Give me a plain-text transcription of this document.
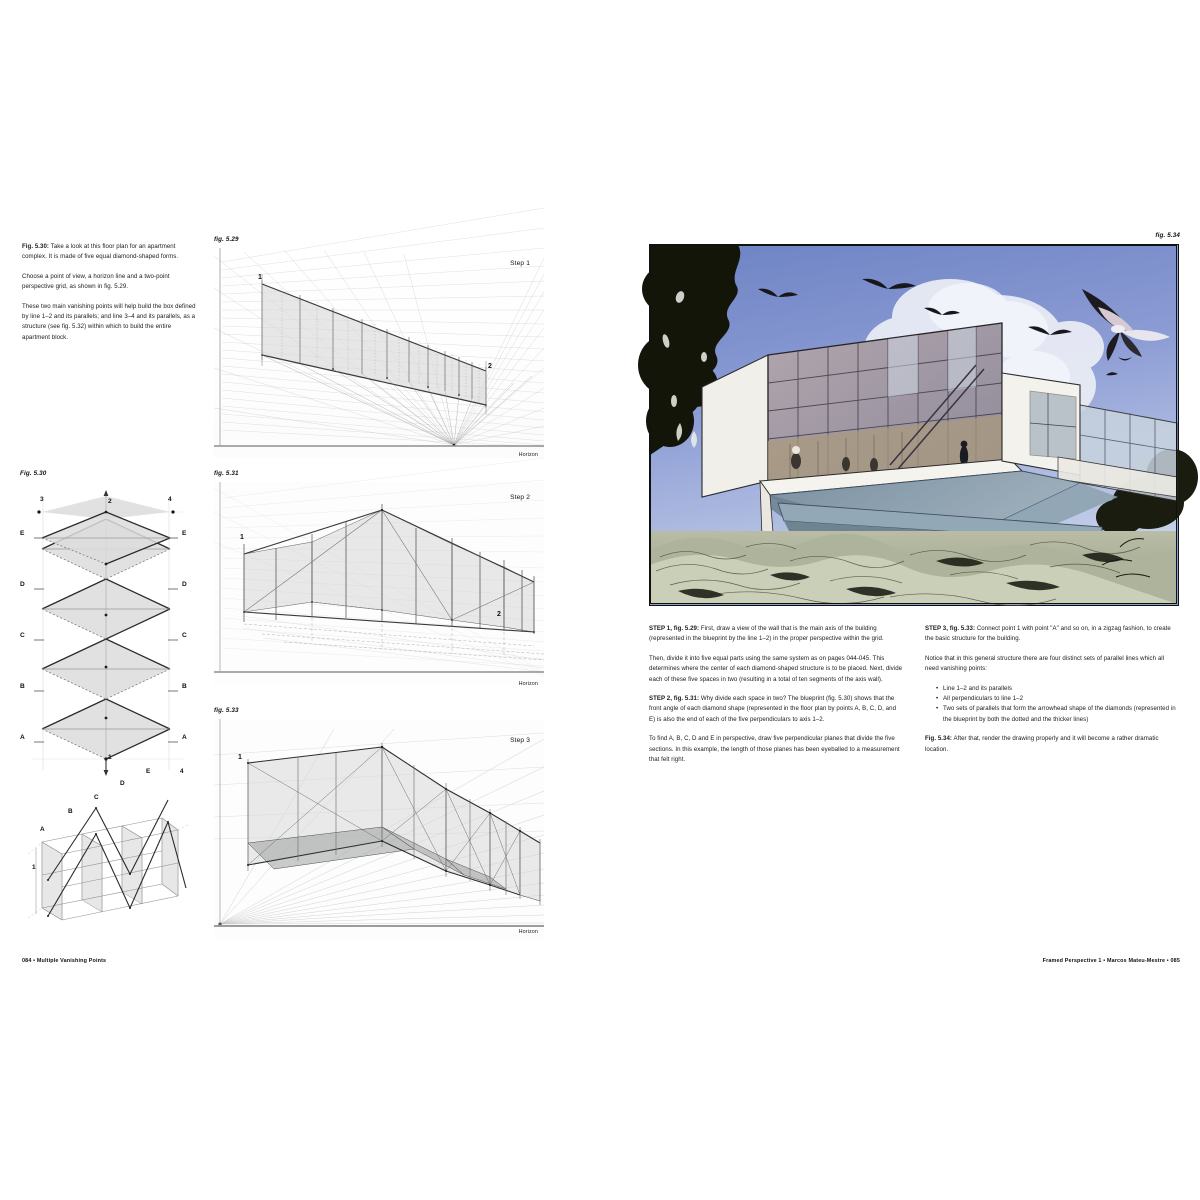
Fig. 5.30: Take a look at this floor plan for an apartment complex. It is made of five equal diamond-shaped forms.

Choose a point of view, a horizon line and a two-point perspective grid, as shown in fig. 5.29.

These two main vanishing points will help build the box defined by line 1–2 and its parallels; and line 3–4 and its parallels, as a structure (see fig. 5.32) within which to build the entire apartment block.

fig. 5.29
1
2
Step 1
Horizon
Fig. 5.30
E	E
D	D
C	C
B	B
A	A
3	2	4
1
fig. 5.31
1
2
Step 2
Horizon
A
B
C
D
E
1
4
fig. 5.33
1
Step 3
Horizon
084 • Multiple Vanishing Points
fig. 5.34

STEP 1, fig. 5.29: First, draw a view of the wall that is the main axis of the building (represented in the blueprint by the line 1–2) in the proper perspective within the grid.

Then, divide it into five equal parts using the same system as on pages 044-045. This determines where the center of each diamond-shaped structure is to be placed. Next, divide each of these five spaces in two (resulting in a total of ten segments of the axis wall).

STEP 2, fig. 5.31: Why divide each space in two? The blueprint (fig. 5.30) shows that the front angle of each diamond shape (represented in the floor plan by points A, B, C, D, and E) is also the end of each of the five perpendiculars to axis 1–2.

To find A, B, C, D and E in perspective, draw five perpendicular planes that divide the five sections. In this example, the length of those planes has been eyeballed to a measurement that felt right.

STEP 3, fig. 5.33: Connect point 1 with point "A" and so on, in a zigzag fashion, to create the basic structure for the building.

Notice that in this general structure there are four distinct sets of parallel lines which all need vanishing points:

• Line 1–2 and its parallels
• All perpendiculars to line 1–2
• Two sets of parallels that form the arrowhead shape of the diamonds (represented in the blueprint by both the dotted and the thicker lines)

Fig. 5.34: After that, render the drawing properly and it will become a rather dramatic location.

Framed Perspective 1 • Marcos Mateu-Mestre • 085
